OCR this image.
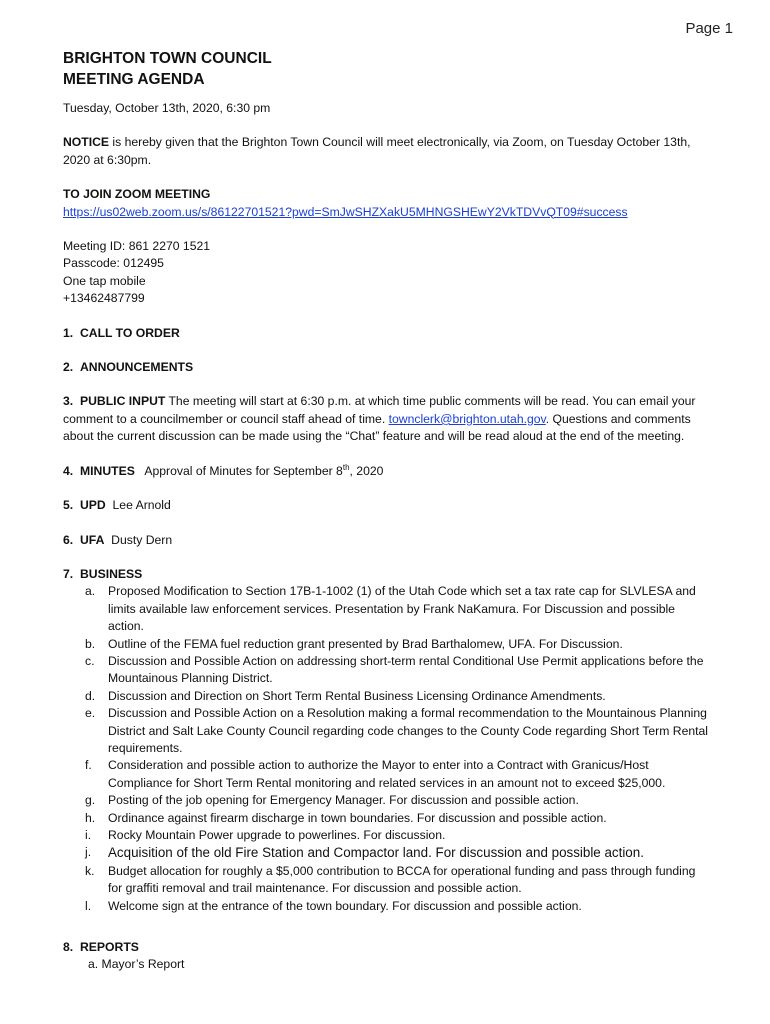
Page 1
BRIGHTON TOWN COUNCIL
MEETING AGENDA
Tuesday, October 13th, 2020, 6:30 pm
NOTICE is hereby given that the Brighton Town Council will meet electronically, via Zoom, on Tuesday October 13th, 2020 at 6:30pm.
TO JOIN ZOOM MEETING
https://us02web.zoom.us/s/86122701521?pwd=SmJwSHZXakU5MHNGSHEwY2VkTDVvQT09#success
Meeting ID: 861 2270 1521
Passcode: 012495
One tap mobile
+13462487799
1. CALL TO ORDER
2. ANNOUNCEMENTS
3. PUBLIC INPUT The meeting will start at 6:30 p.m. at which time public comments will be read. You can email your comment to a councilmember or council staff ahead of time. townclerk@brighton.utah.gov. Questions and comments about the current discussion can be made using the “Chat” feature and will be read aloud at the end of the meeting.
4. MINUTES Approval of Minutes for September 8th, 2020
5. UPD Lee Arnold
6. UFA Dusty Dern
7. BUSINESS
a. Proposed Modification to Section 17B-1-1002 (1) of the Utah Code which set a tax rate cap for SLVLESA and limits available law enforcement services. Presentation by Frank NaKamura. For Discussion and possible action.
b. Outline of the FEMA fuel reduction grant presented by Brad Barthalomew, UFA. For Discussion.
c. Discussion and Possible Action on addressing short-term rental Conditional Use Permit applications before the Mountainous Planning District.
d. Discussion and Direction on Short Term Rental Business Licensing Ordinance Amendments.
e. Discussion and Possible Action on a Resolution making a formal recommendation to the Mountainous Planning District and Salt Lake County Council regarding code changes to the County Code regarding Short Term Rental requirements.
f. Consideration and possible action to authorize the Mayor to enter into a Contract with Granicus/Host Compliance for Short Term Rental monitoring and related services in an amount not to exceed $25,000.
g. Posting of the job opening for Emergency Manager. For discussion and possible action.
h. Ordinance against firearm discharge in town boundaries. For discussion and possible action.
i. Rocky Mountain Power upgrade to powerlines. For discussion.
j. Acquisition of the old Fire Station and Compactor land. For discussion and possible action.
k. Budget allocation for roughly a $5,000 contribution to BCCA for operational funding and pass through funding for graffiti removal and trail maintenance. For discussion and possible action.
l. Welcome sign at the entrance of the town boundary. For discussion and possible action.
8. REPORTS
a. Mayor’s Report
